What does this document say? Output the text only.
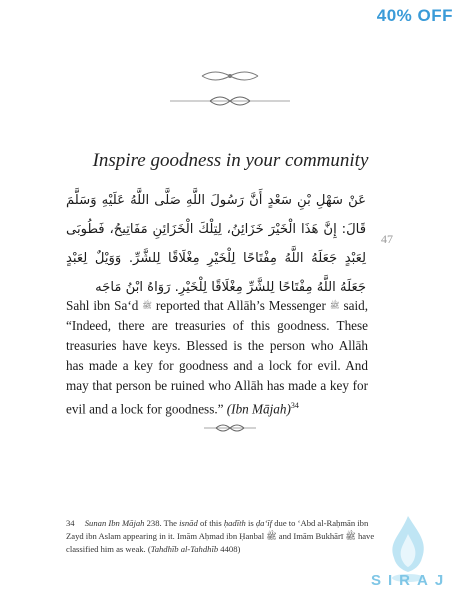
40% OFF
Inspire goodness in your community
عَنْ سَهْلِ بْنِ سَعْدٍ أَنَّ رَسُولَ اللَّهِ صَلَّى اللَّهُ عَلَيْهِ وَسَلَّمَ قَالَ: إِنَّ هَذَا الْخَيْرَ خَزَائِنُ، لِتِلْكَ الْخَزَائِنِ مَفَاتِيحُ، فَطُوبَى لِعَبْدٍ جَعَلَهُ اللَّهُ مِفْتَاحًا لِلْخَيْرِ مِغْلَاقًا لِلشَّرِّ. وَوَيْلٌ لِعَبْدٍ جَعَلَهُ اللَّهُ مِفْتَاحًا لِلشَّرِّ مِغْلَاقًا لِلْخَيْرِ. رَوَاهُ ابْنُ مَاجَه
47
Sahl ibn Sa‘d ﷺ reported that Allāh’s Messenger ﷺ said, “Indeed, there are treasuries of this goodness. These treasuries have keys. Blessed is the person who Allāh has made a key for goodness and a lock for evil. And may that person be ruined who Allāh has made a key for evil and a lock for goodness.” (Ibn Mājah)$^{34}$
34 Sunan Ibn Mājah 238. The isnād of this ḥadīth is ḍa‘īf due to ‘Abd al-Raḥmān ibn Zayd ibn Aslam appearing in it. Imām Aḥmad ibn Ḥanbal ﷺ and Imām Bukhārī ﷺ have classified him as weak. (Tahdhīb al-Tahdhīb 4408)
SIRAJ
